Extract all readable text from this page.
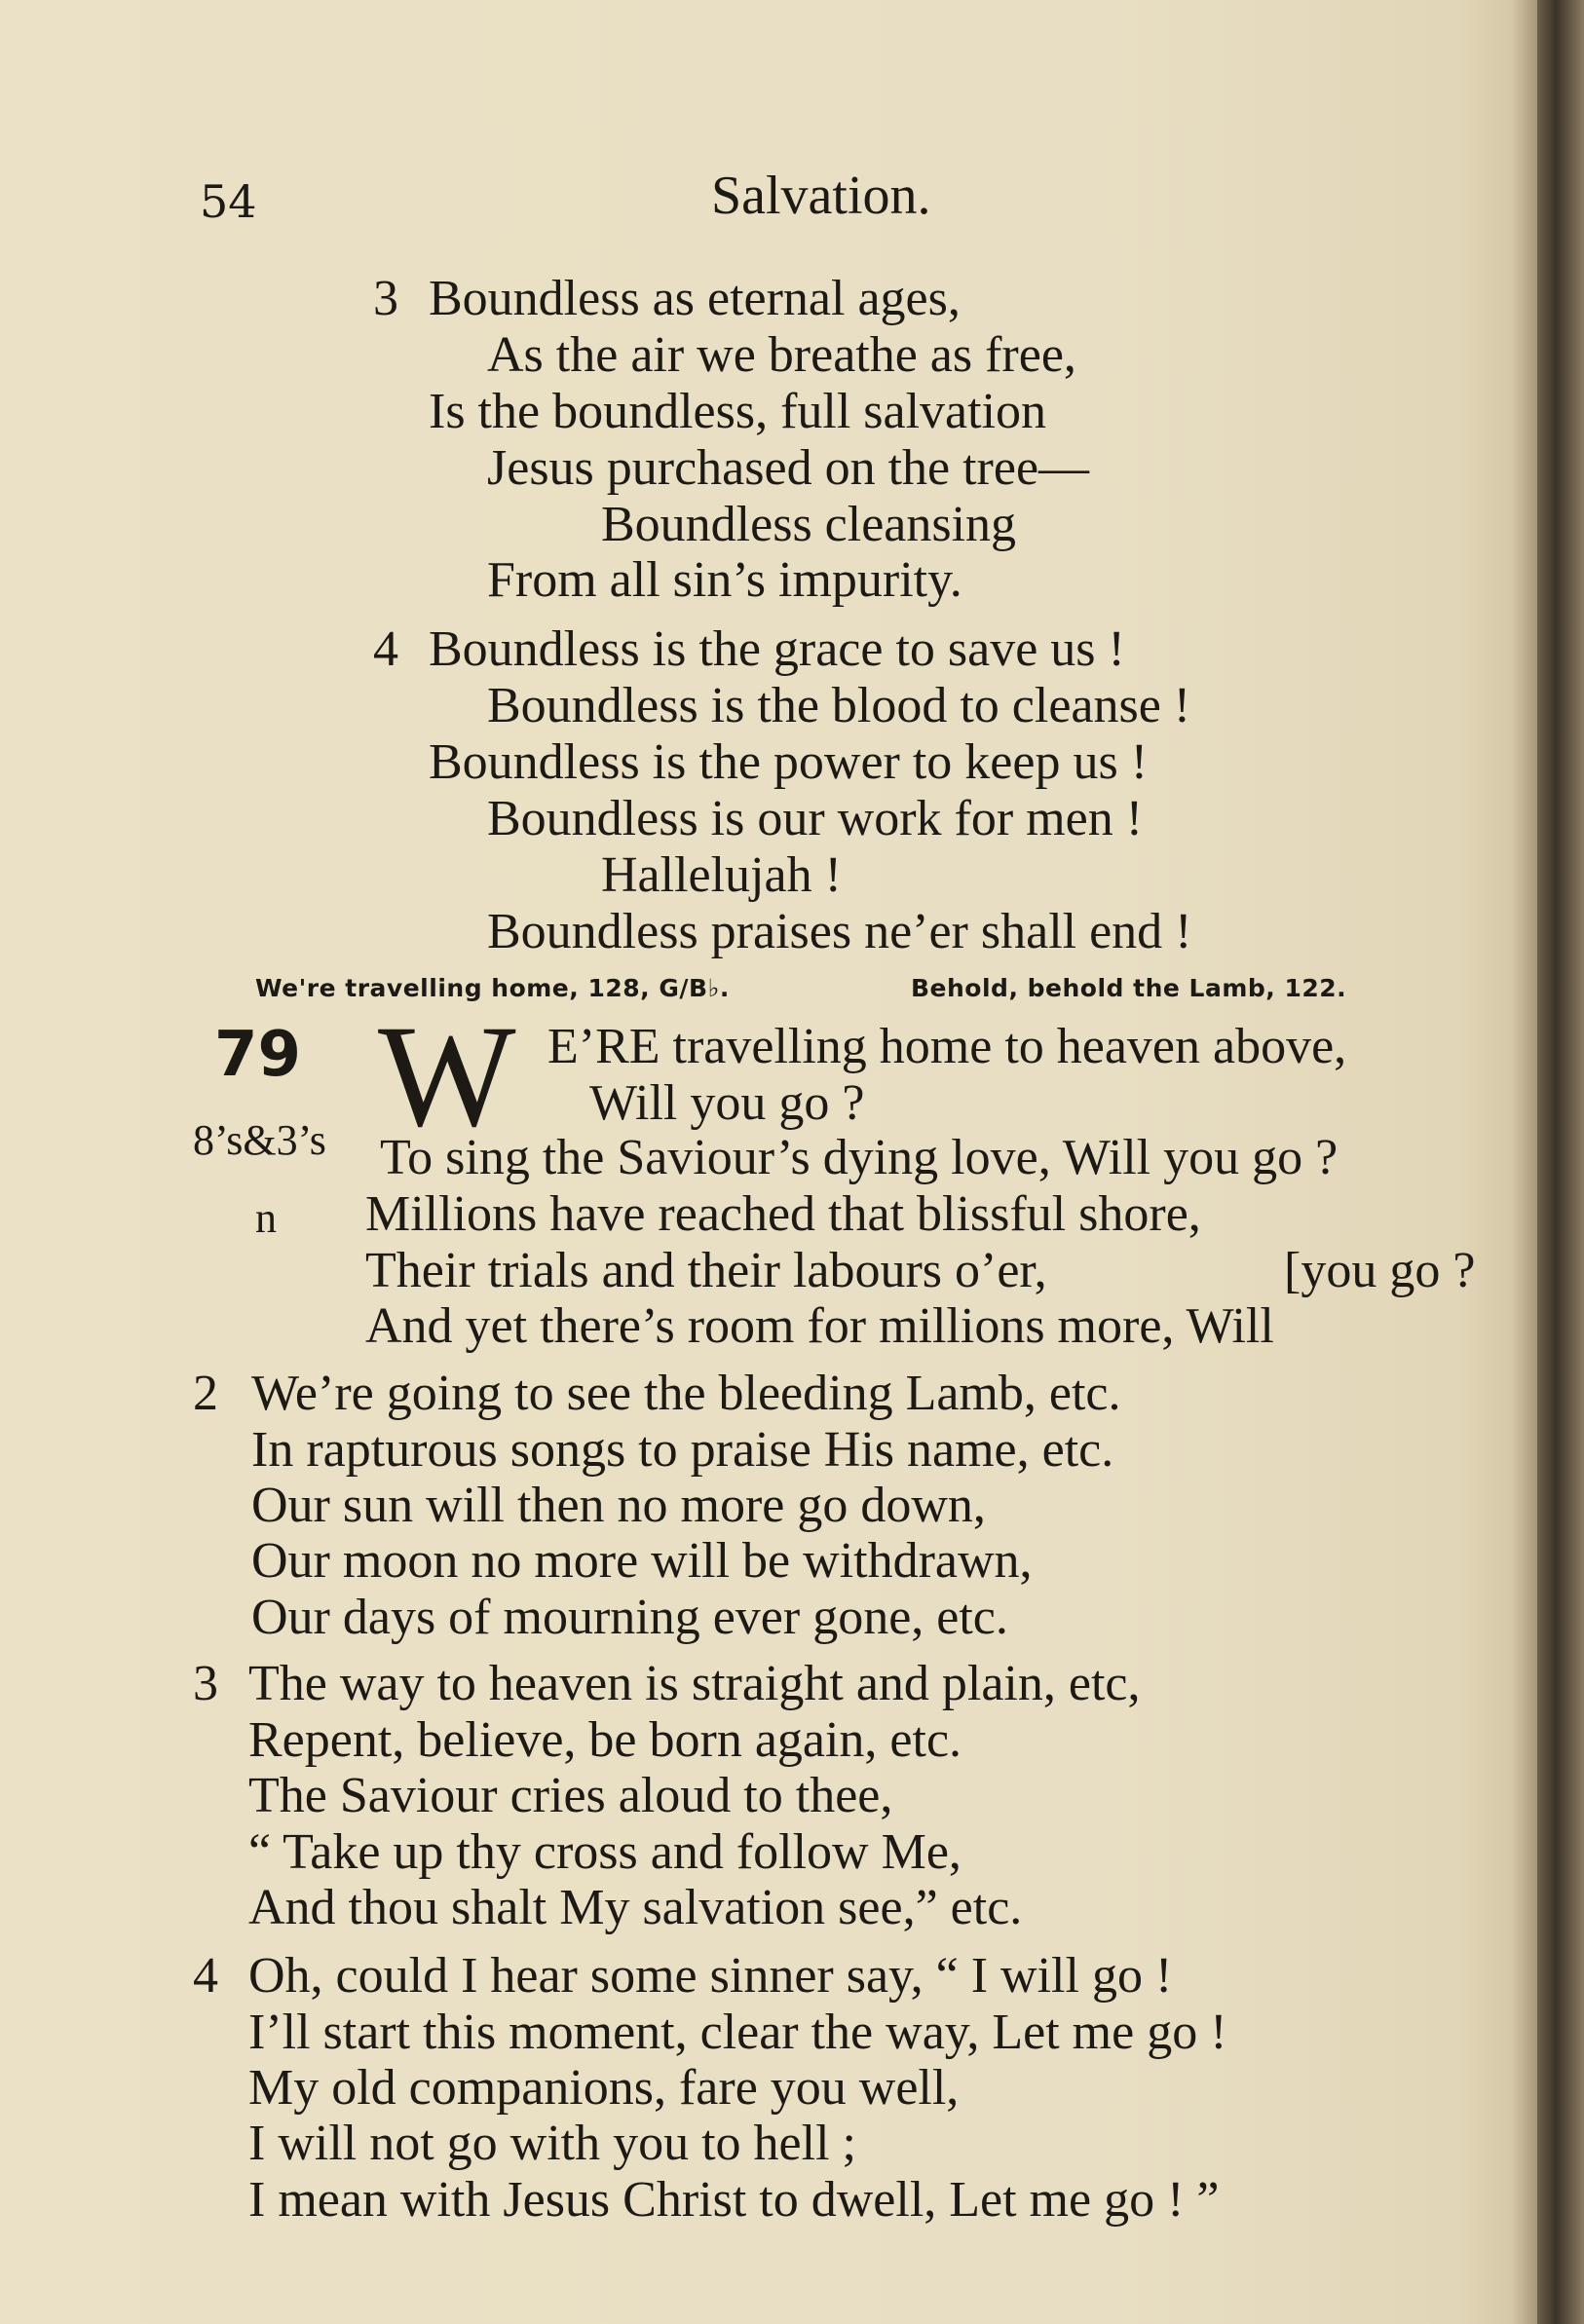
54	Salvation.
3 Boundless as eternal ages,
As the air we breathe as free,
Is the boundless, full salvation
Jesus purchased on the tree—
Boundless cleansing
From all sin’s impurity.
4 Boundless is the grace to save us !
Boundless is the blood to cleanse !
Boundless is the power to keep us !
Boundless is our work for men !
Hallelujah !
Boundless praises ne’er shall end !
We're travelling home, 128, G/B♭.	Behold, behold the Lamb, 122.
79 W
8’s&3’s
n
E’RE travelling home to heaven above,
Will you go ?
To sing the Saviour’s dying love, Will you go ?
Millions have reached that blissful shore,
Their trials and their labours o’er,	[you go ?
And yet there’s room for millions more, Will
2 We’re going to see the bleeding Lamb, etc.
In rapturous songs to praise His name, etc.
Our sun will then no more go down,
Our moon no more will be withdrawn,
Our days of mourning ever gone, etc.
3 The way to heaven is straight and plain, etc,
Repent, believe, be born again, etc.
The Saviour cries aloud to thee,
“ Take up thy cross and follow Me,
And thou shalt My salvation see,” etc.
4 Oh, could I hear some sinner say, “ I will go !
I’ll start this moment, clear the way, Let me go !
My old companions, fare you well,
I will not go with you to hell ;
I mean with Jesus Christ to dwell, Let me go ! ”
